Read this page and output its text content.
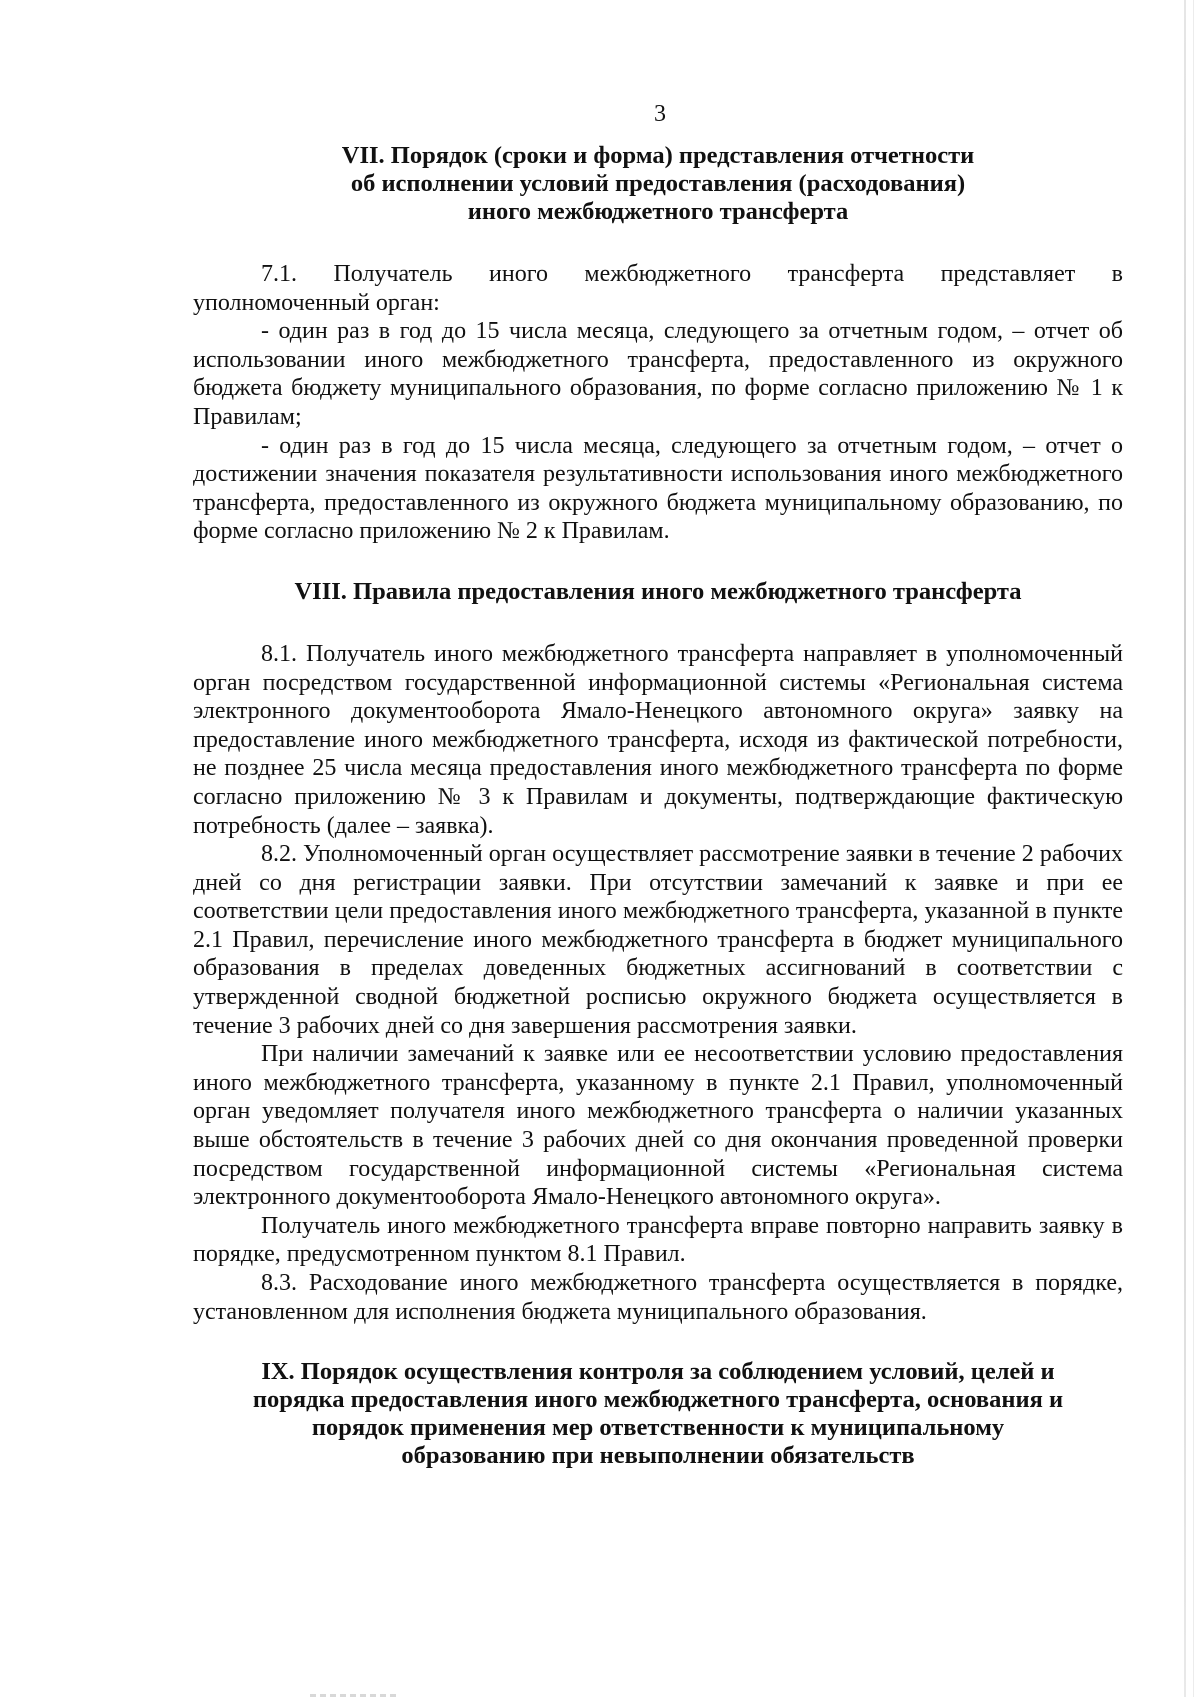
3
VII. Порядок (сроки и форма) представления отчетности
об исполнении условий предоставления (расходования)
иного межбюджетного трансферта

7.1. Получатель иного межбюджетного трансферта представляет в уполномоченный орган:

- один раз в год до 15 числа месяца, следующего за отчетным годом, – отчет об использовании иного межбюджетного трансферта, предоставленного из окружного бюджета бюджету муниципального образования, по форме согласно приложению № 1 к Правилам;

- один раз в год до 15 числа месяца, следующего за отчетным годом, – отчет о достижении значения показателя результативности использования иного межбюджетного трансферта, предоставленного из окружного бюджета муниципальному образованию, по форме согласно приложению № 2 к Правилам.

VIII. Правила предоставления иного межбюджетного трансферта

8.1. Получатель иного межбюджетного трансферта направляет в уполномоченный орган посредством государственной информационной системы «Региональная система электронного документооборота Ямало-Ненецкого автономного округа» заявку на предоставление иного межбюджетного трансферта, исходя из фактической потребности, не позднее 25 числа месяца предоставления иного межбюджетного трансферта по форме согласно приложению № 3 к Правилам и документы, подтверждающие фактическую потребность (далее – заявка).

8.2. Уполномоченный орган осуществляет рассмотрение заявки в течение 2 рабочих дней со дня регистрации заявки. При отсутствии замечаний к заявке и при ее соответствии цели предоставления иного межбюджетного трансферта, указанной в пункте 2.1 Правил, перечисление иного межбюджетного трансферта в бюджет муниципального образования в пределах доведенных бюджетных ассигнований в соответствии с утвержденной сводной бюджетной росписью окружного бюджета осуществляется в течение 3 рабочих дней со дня завершения рассмотрения заявки.

При наличии замечаний к заявке или ее несоответствии условию предоставления иного межбюджетного трансферта, указанному в пункте 2.1 Правил, уполномоченный орган уведомляет получателя иного межбюджетного трансферта о наличии указанных выше обстоятельств в течение 3 рабочих дней со дня окончания проведенной проверки посредством государственной информационной системы «Региональная система электронного документооборота Ямало-Ненецкого автономного округа».

Получатель иного межбюджетного трансферта вправе повторно направить заявку в порядке, предусмотренном пунктом 8.1 Правил.

8.3. Расходование иного межбюджетного трансферта осуществляется в порядке, установленном для исполнения бюджета муниципального образования.

IX. Порядок осуществления контроля за соблюдением условий, целей и
порядка предоставления иного межбюджетного трансферта, основания и
порядок применения мер ответственности к муниципальному
образованию при невыполнении обязательств
